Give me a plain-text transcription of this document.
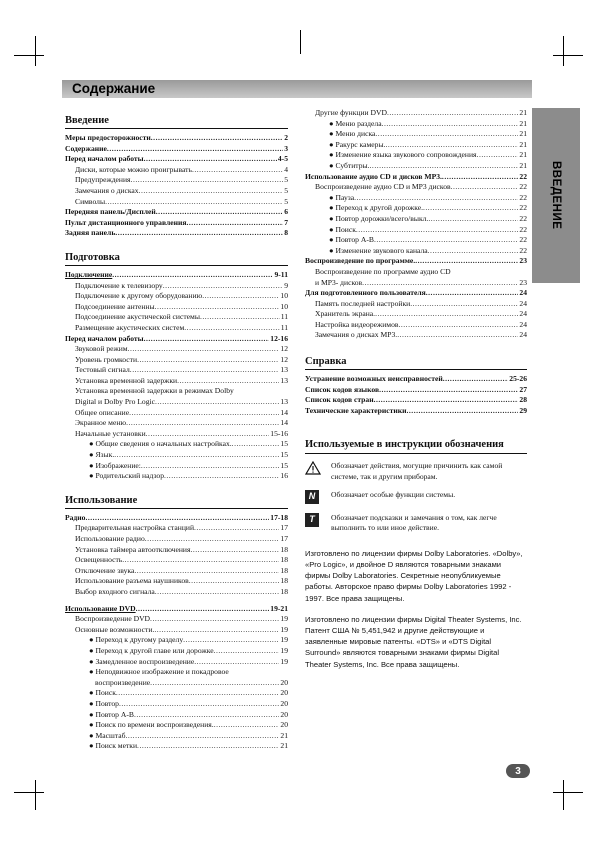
Содержание
ВВЕДЕНИЕ
Введение
Меры предосторожности .....	2
Содержание .....	3
Перед началом работы .....	4-5
Диски, которые можно проигрывать .....	4
Предупреждения .....	5
Замечания о дисках .....	5
Символы .....	5
Передняя панель/Дисплей .....	6
Пульт дистанционного управления .....	7
Задняя панель .....	8
Подготовка
Подключение .....	9-11
Подключение к телевизору .....	9
Подключение к другому оборудованию .....	10
Подсоединение антенны .....	10
Подсоединение акустической системы .....	11
Размещение акустических систем .....	11
Перед началом работы .....	12-16
Звуковой режим .....	12
Уровень громкости .....	12
Тестовый сигнал .....	13
Установка временной задержки .....	13
Установка временной задержки в режимах Dolby
Digital и Dolby Pro Logic .....	13
Общее описание .....	14
Экранное меню .....	14
Начальные установки .....	15-16
● Общие сведения о начальных настройках. .....	15
● Язык. .....	15
● Изображение: .....	15
● Родительский надзор .....	16
Использование
Радио .....	17-18
Предварительная настройка станций .....	17
Использование радио .....	17
Установка таймера автоотключения .....	18
Освещенность .....	18
Отключение звука .....	18
Использование разъема наушников .....	18
Выбор входного сигнала .....	18
Использование DVD .....	19-21
Воспроизведение DVD .....	19
Основные возможности. .....	19
● Переход к другому разделу .....	19
● Переход к другой главе или дорожке .....	19
● Замедленное воспроизведение .....	19
● Неподвижное изображение и покадровое
воспроизведение .....	20
● Поиск .....	20
● Повтор .....	20
● Повтор A-B .....	20
● Поиск по времени воспроизведения. .....	20
● Масштаб .....	21
● Поиск метки .....	21
Другие функции DVD .....	21
● Меню раздела .....	21
● Меню диска .....	21
● Ракурс камеры. .....	21
● Изменение языка звукового сопровождения .....	21
● Субтитры. .....	21
Использование аудио CD и дисков MP3. .....	22
Воспроизведение аудио CD и MP3 дисков .....	22
● Пауза .....	22
● Переход к другой дорожке. .....	22
● Повтор дорожки/всего/выкл. .....	22
● Поиск .....	22
● Повтор A-B .....	22
● Изменение звукового канала .....	22
Воспроизведение по программе. .....	23
Воспроизведение по программе аудио CD
и MP3- дисков .....	23
Для подготовленного пользователя .....	24
Память последней настройки .....	24
Хранитель экрана. .....	24
Настройка видеорежимов .....	24
Замечания о дисках MP3. .....	24
Справка
Устранение возможных неисправностей .....	25-26
Список кодов языков .....	27
Список кодов стран .....	28
Технические характеристики .....	29
Используемые в инструкции обозначения
Обозначает действия, могущие причинить как самой системе, так и другим приборам.
N	Обозначает особые функции системы.
T	Обозначает подсказки и замечания о том, как легче выполнить то или иное действие.
Изготовлено по лицензии фирмы Dolby Laboratories. «Dolby», «Pro Logic», и двойное D являются товарными знаками фирмы Dolby Laboratories. Секретные неопубликуемые работы. Авторское право фирмы Dolby Laboratories 1992 - 1997. Все права защищены.
Изготовлено по лицензии фирмы Digital Theater Systems, Inc. Патент США № 5,451,942 и другие действующие и заявленные мировые патенты. «DTS» и «DTS Digital Surround» являются товарными знаками фирмы Digital Theater Systems, Inc. Все права защищены.
3
